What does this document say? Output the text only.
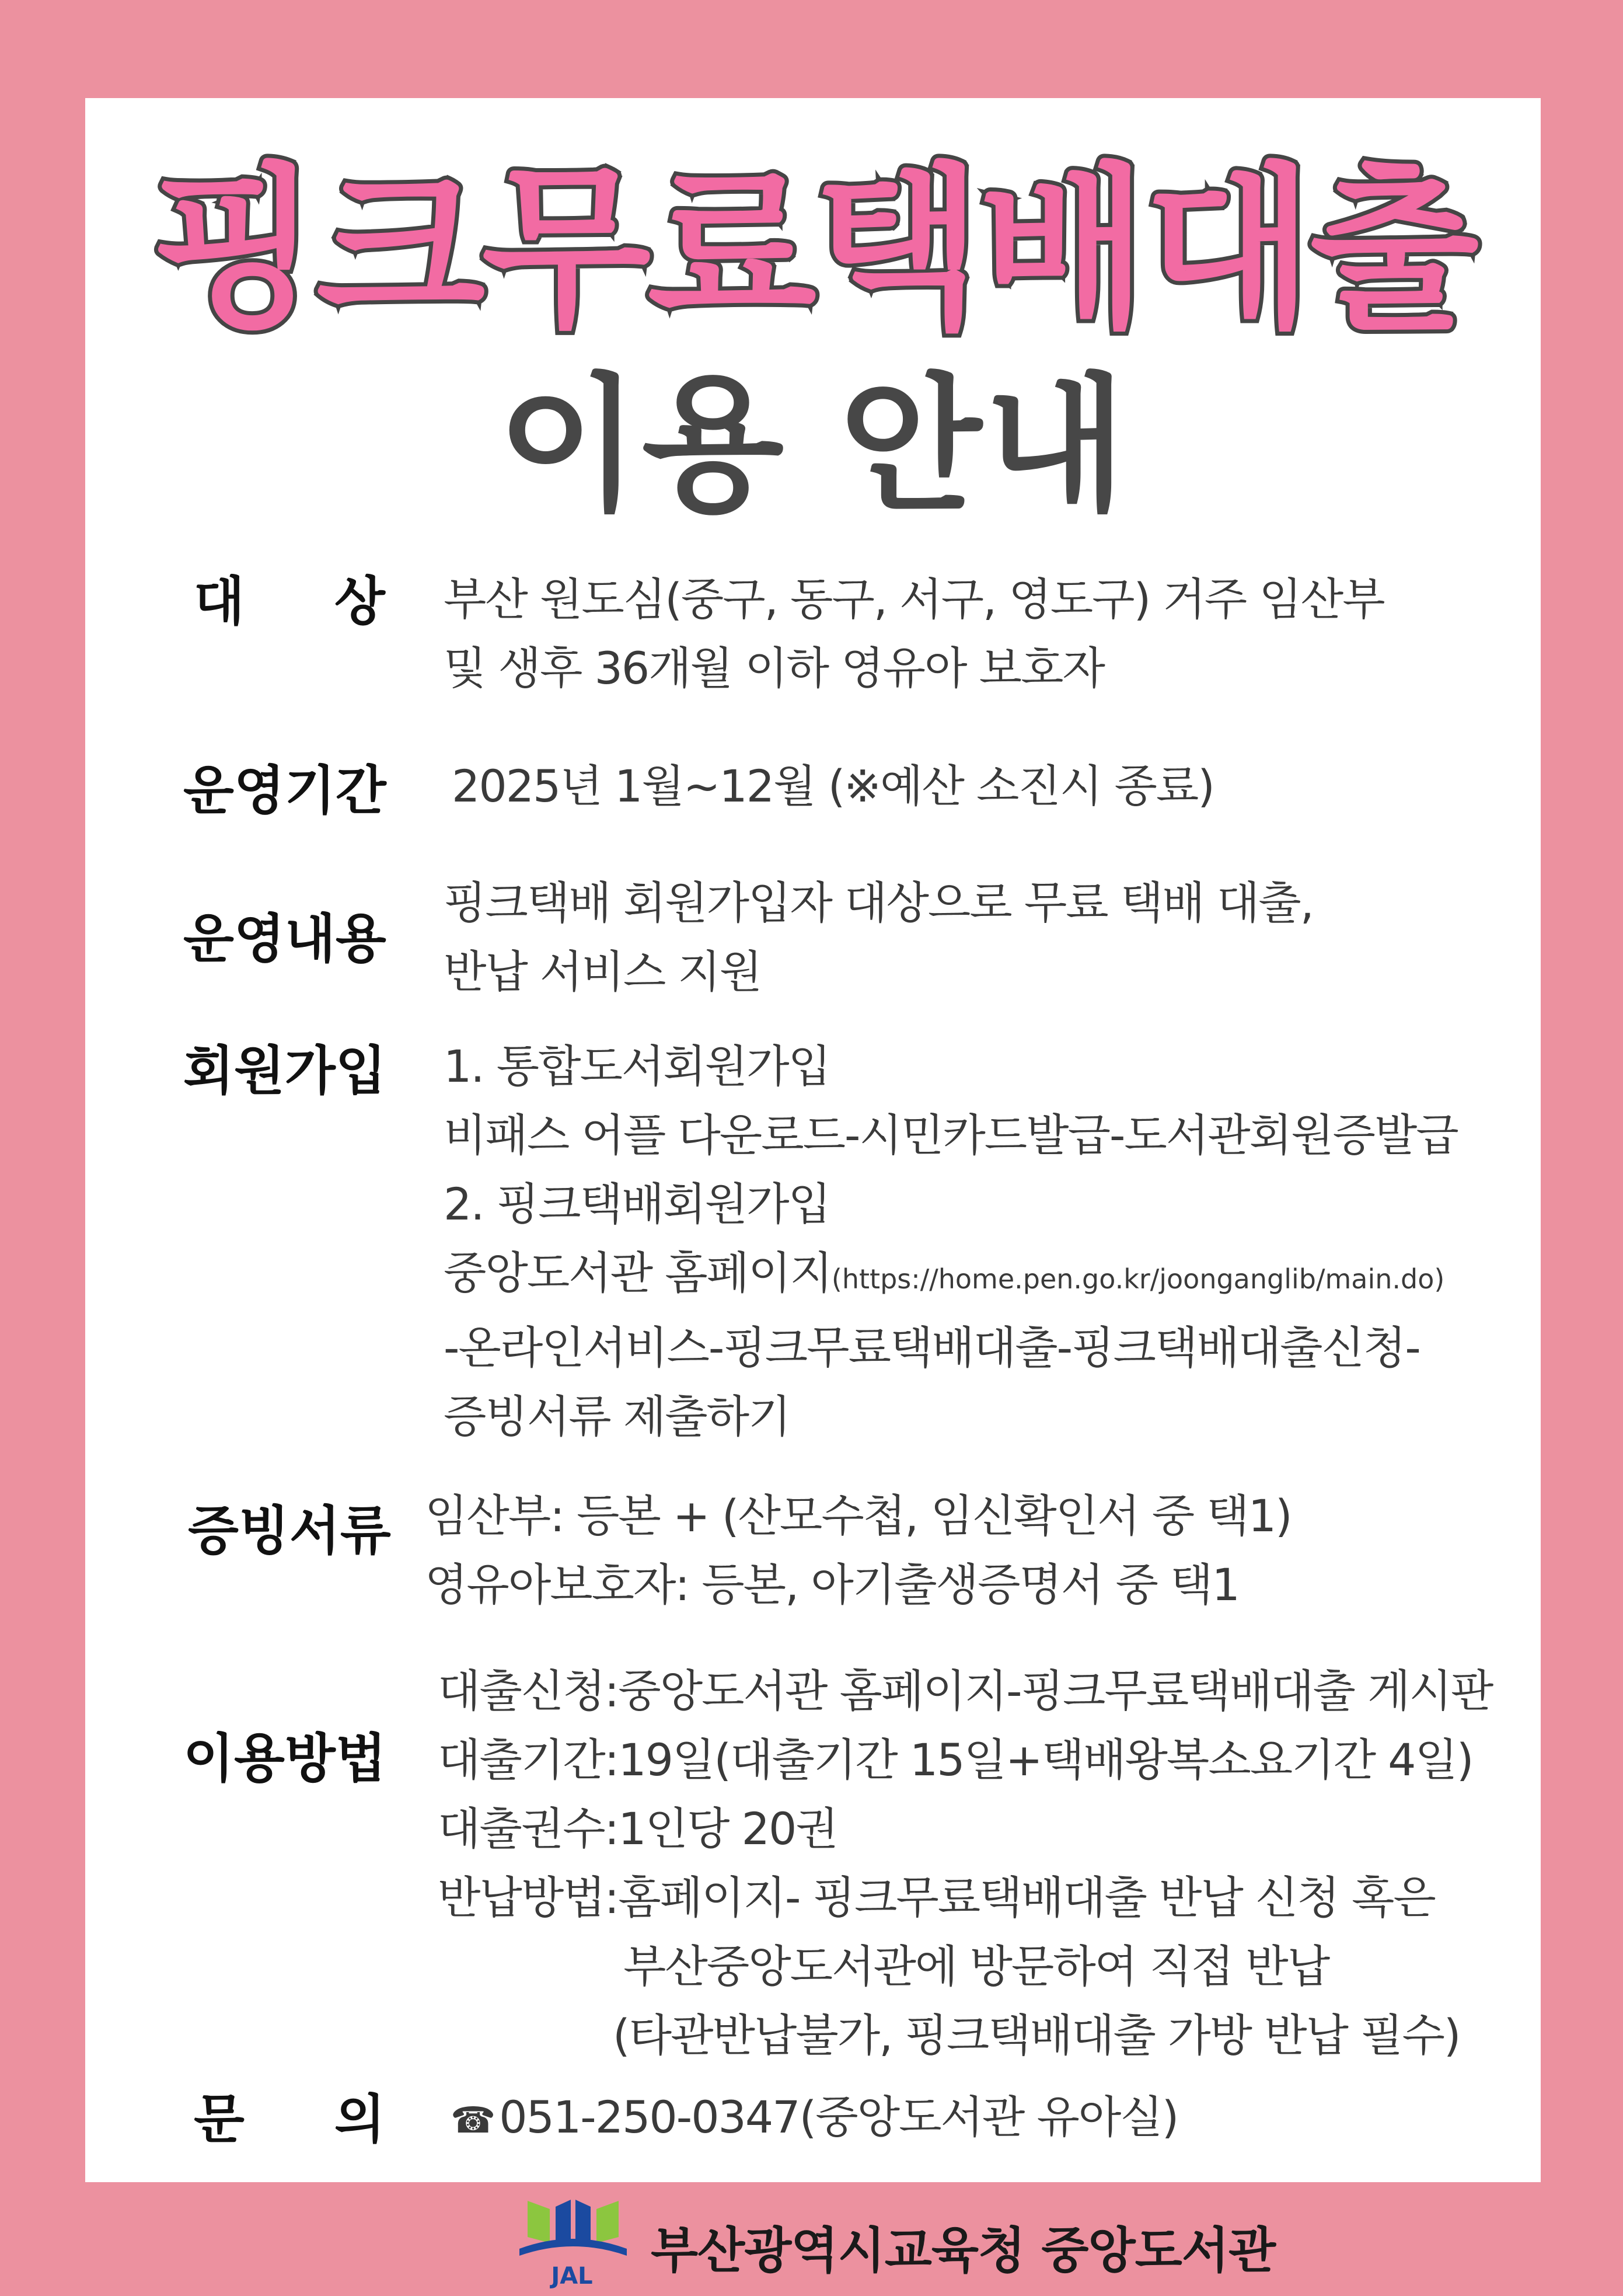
핑크무료택배대출
이용 안내
대 상 부산 원도심(중구, 동구, 서구, 영도구) 거주 임산부
및 생후 36개월 이하 영유아 보호자
운영기간 2025년 1월~12월 (※예산 소진시 종료)
운영내용
핑크택배 회원가입자 대상으로 무료 택배 대출,
반납 서비스 지원
회원가입 1. 통합도서회원가입
비패스 어플 다운로드-시민카드발급-도서관회원증발급
2. 핑크택배회원가입
중앙도서관 홈페이지(https://home.pen.go.kr/joonganglib/main.do)
-온라인서비스-핑크무료택배대출-핑크택배대출신청-
증빙서류 제출하기
증빙서류 임산부: 등본 + (산모수첩, 임신확인서 중 택1)
영유아보호자: 등본, 아기출생증명서 중 택1
이용방법
대출신청: 중앙도서관 홈페이지-핑크무료택배대출 게시판
대출기간: 19일(대출기간 15일+택배왕복소요기간 4일)
대출권수: 1인당 20권
반납방법: 홈페이지- 핑크무료택배대출 반납 신청 혹은
부산중앙도서관에 방문하여 직접 반납
(타관반납불가, 핑크택배대출 가방 반납 필수)
문 의 ☎ 051-250-0347(중앙도서관 유아실)
JAL	부산광역시교육청 중앙도서관
